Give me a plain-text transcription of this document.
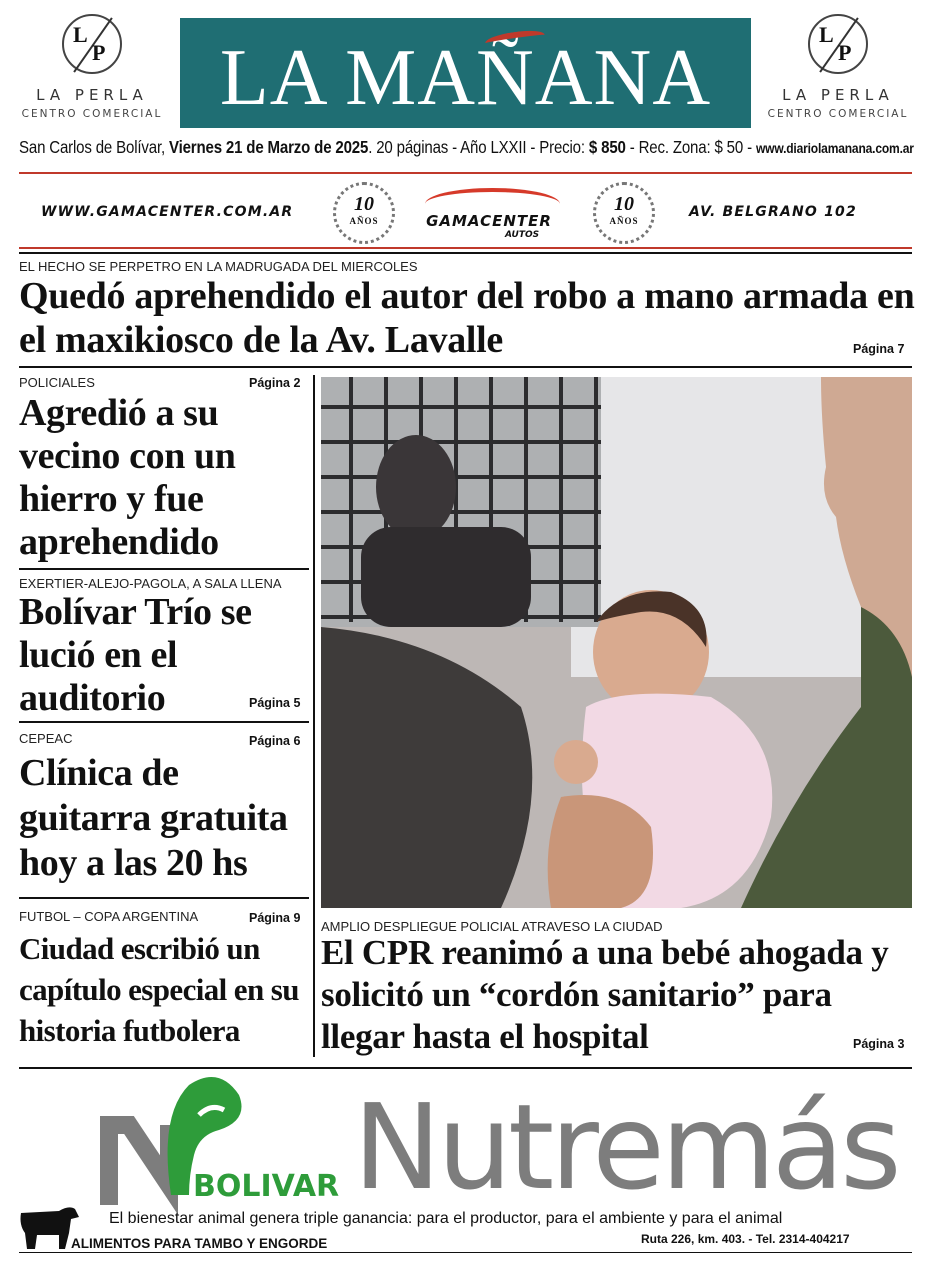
L
P
LA PERLA
CENTRO COMERCIAL LA MAÑANA	L
P
LA PERLA
CENTRO COMERCIAL
San Carlos de Bolívar, Viernes 21 de Marzo de 2025. 20 páginas - Año LXXII - Precio: $ 850 - Rec. Zona: $ 50 - www.diariolamanana.com.ar
WWW.GAMACENTER.COM.AR	10
AÑOS	GAMACENTER
AUTOS
10
AÑOS
AV. BELGRANO 102
EL HECHO SE PERPETRO EN LA MADRUGADA DEL MIERCOLES
Quedó aprehendido el autor del robo a mano armada en el maxikiosco de la Av. Lavalle	Página 7
POLICIALES	Página 2
Agredió a su vecino con un hierro y fue aprehendido
EXERTIER-ALEJO-PAGOLA, A SALA LLENA
Bolívar Trío se lució en el auditorio	Página 5
CEPEAC	Página 6
Clínica de guitarra gratuita hoy a las 20 hs
FUTBOL – COPA ARGENTINA	Página 9
Ciudad escribió un capítulo especial en su historia futbolera
AMPLIO DESPLIEGUE POLICIAL ATRAVESO LA CIUDAD
El CPR reanimó a una bebé ahogada y solicitó un “cordón sanitario” para llegar hasta el hospital	Página 3
BOLIVAR Nutremás
El bienestar animal genera triple ganancia: para el productor, para el ambiente y para el animal
ALIMENTOS PARA TAMBO Y ENGORDE	Ruta 226, km. 403. - Tel. 2314-404217
